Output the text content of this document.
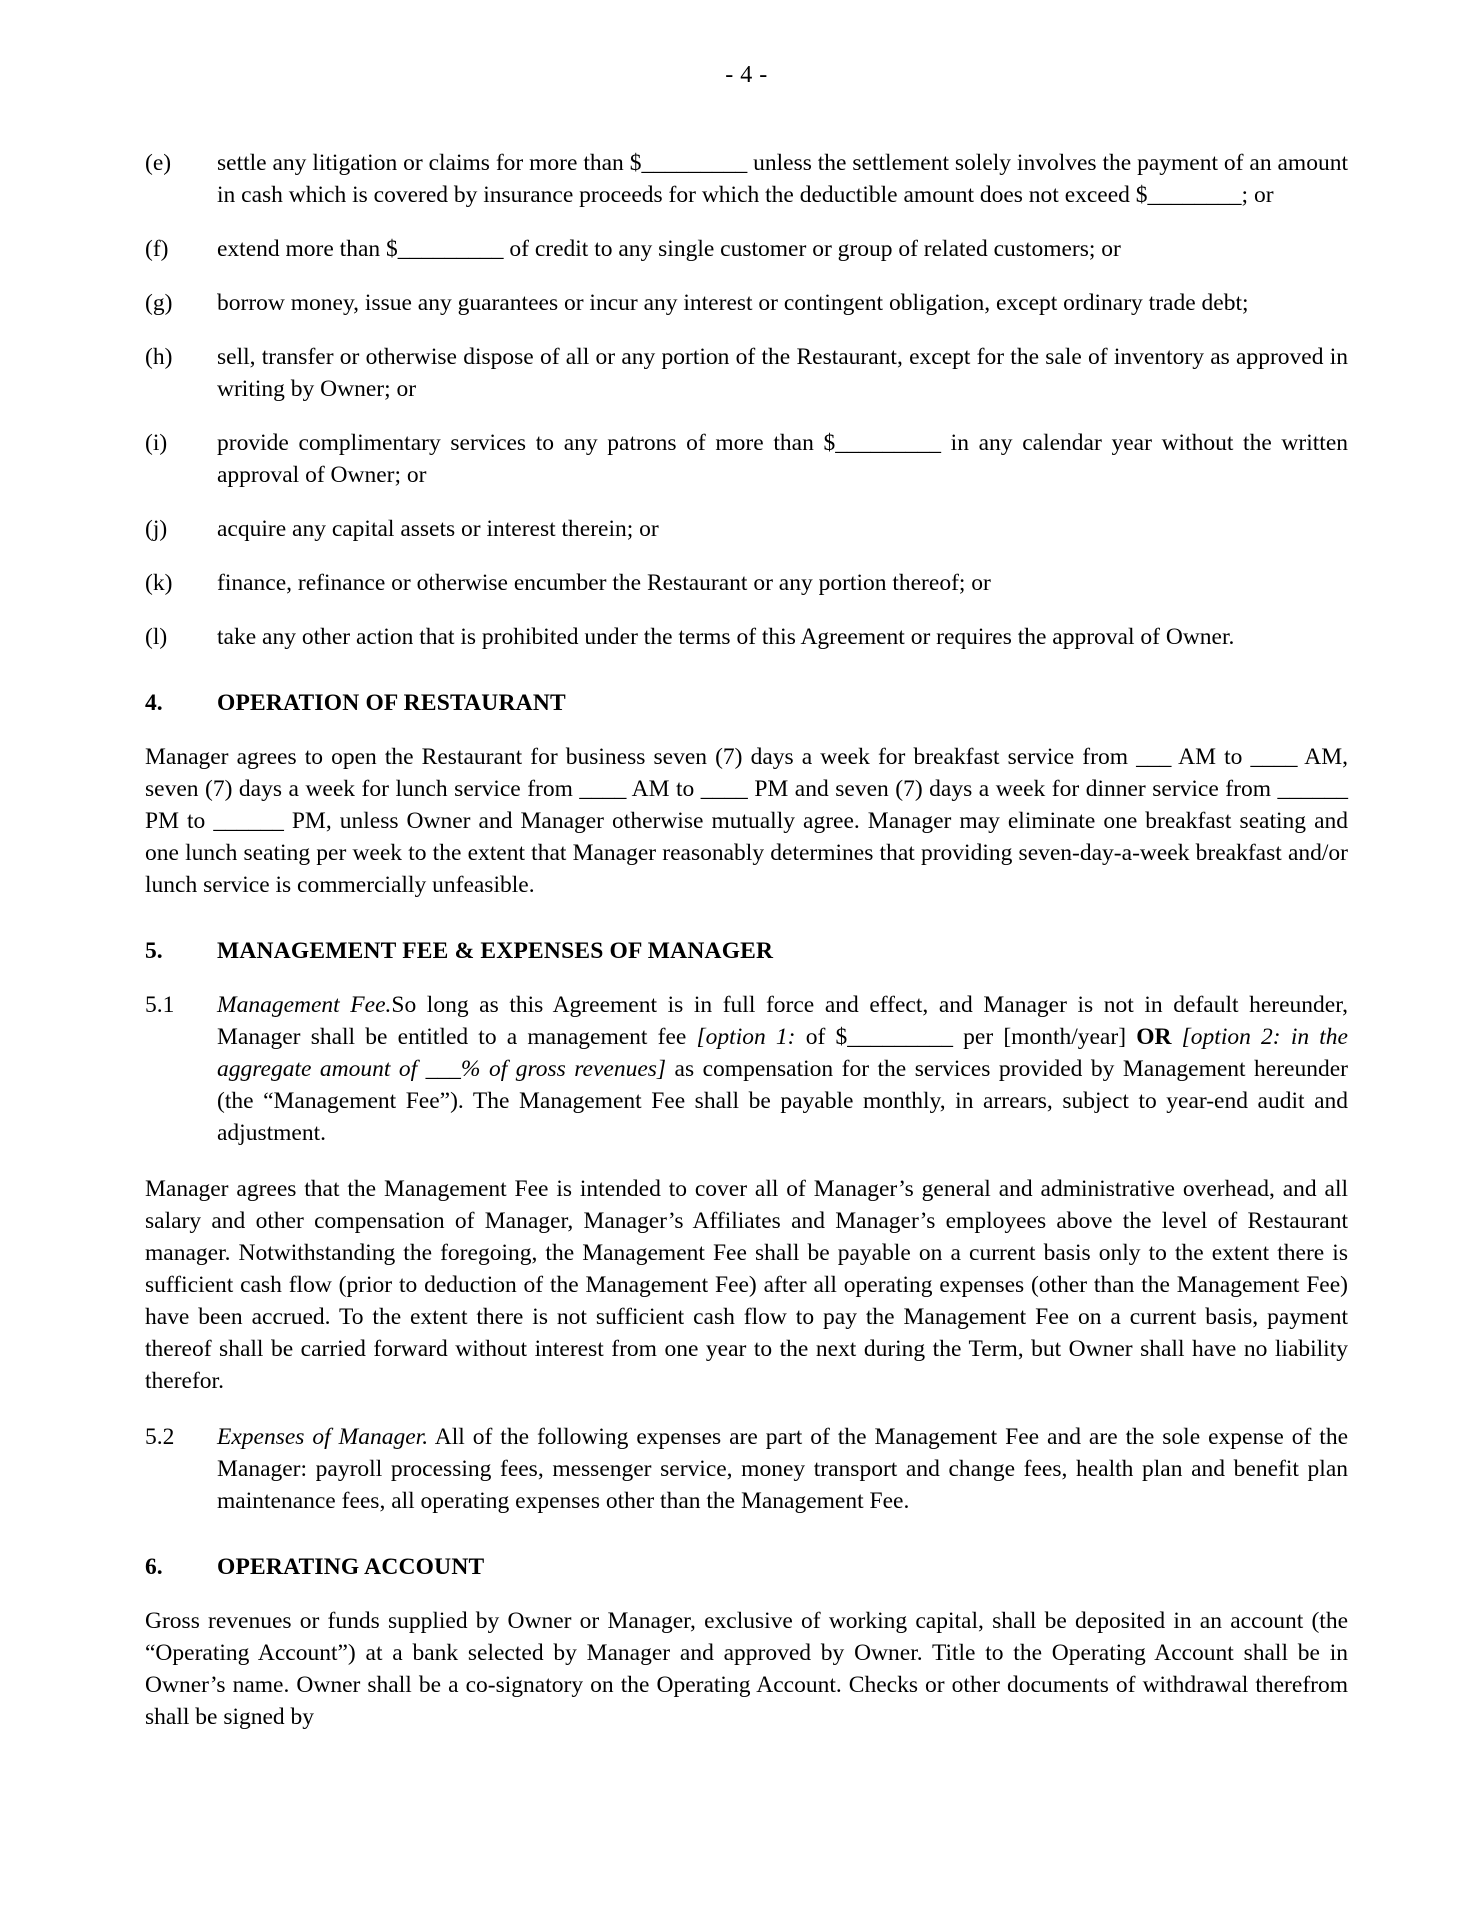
- 4 -
(e)	settle any litigation or claims for more than $_________ unless the settlement solely involves the payment of an amount in cash which is covered by insurance proceeds for which the deductible amount does not exceed $________; or
(f)	extend more than $_________ of credit to any single customer or group of related customers; or
(g)	borrow money, issue any guarantees or incur any interest or contingent obligation, except ordinary trade debt;
(h)	sell, transfer or otherwise dispose of all or any portion of the Restaurant, except for the sale of inventory as approved in writing by Owner; or
(i)	provide complimentary services to any patrons of more than $_________ in any calendar year without the written approval of Owner; or
(j)	acquire any capital assets or interest therein; or
(k)	finance, refinance or otherwise encumber the Restaurant or any portion thereof; or
(l)	take any other action that is prohibited under the terms of this Agreement or requires the approval of Owner.
4.	OPERATION OF RESTAURANT

Manager agrees to open the Restaurant for business seven (7) days a week for breakfast service from ___ AM to ____ AM, seven (7) days a week for lunch service from ____ AM to ____ PM and seven (7) days a week for dinner service from ______ PM to ______ PM, unless Owner and Manager otherwise mutually agree. Manager may eliminate one breakfast seating and one lunch seating per week to the extent that Manager reasonably determines that providing seven-day-a-week breakfast and/or lunch service is commercially unfeasible.

5.	MANAGEMENT FEE & EXPENSES OF MANAGER
5.1	Management Fee.So long as this Agreement is in full force and effect, and Manager is not in default hereunder, Manager shall be entitled to a management fee [option 1: of $_________ per [month/year] OR [option 2: in the aggregate amount of ___% of gross revenues] as compensation for the services provided by Management hereunder (the “Management Fee”). The Management Fee shall be payable monthly, in arrears, subject to year-end audit and adjustment.

Manager agrees that the Management Fee is intended to cover all of Manager’s general and administrative overhead, and all salary and other compensation of Manager, Manager’s Affiliates and Manager’s employees above the level of Restaurant manager. Notwithstanding the foregoing, the Management Fee shall be payable on a current basis only to the extent there is sufficient cash flow (prior to deduction of the Management Fee) after all operating expenses (other than the Management Fee) have been accrued. To the extent there is not sufficient cash flow to pay the Management Fee on a current basis, payment thereof shall be carried forward without interest from one year to the next during the Term, but Owner shall have no liability therefor.

5.2	Expenses of Manager. All of the following expenses are part of the Management Fee and are the sole expense of the Manager: payroll processing fees, messenger service, money transport and change fees, health plan and benefit plan maintenance fees, all operating expenses other than the Management Fee.
6.	OPERATING ACCOUNT

Gross revenues or funds supplied by Owner or Manager, exclusive of working capital, shall be deposited in an account (the “Operating Account”) at a bank selected by Manager and approved by Owner. Title to the Operating Account shall be in Owner’s name. Owner shall be a co-signatory on the Operating Account. Checks or other documents of withdrawal therefrom shall be signed by
